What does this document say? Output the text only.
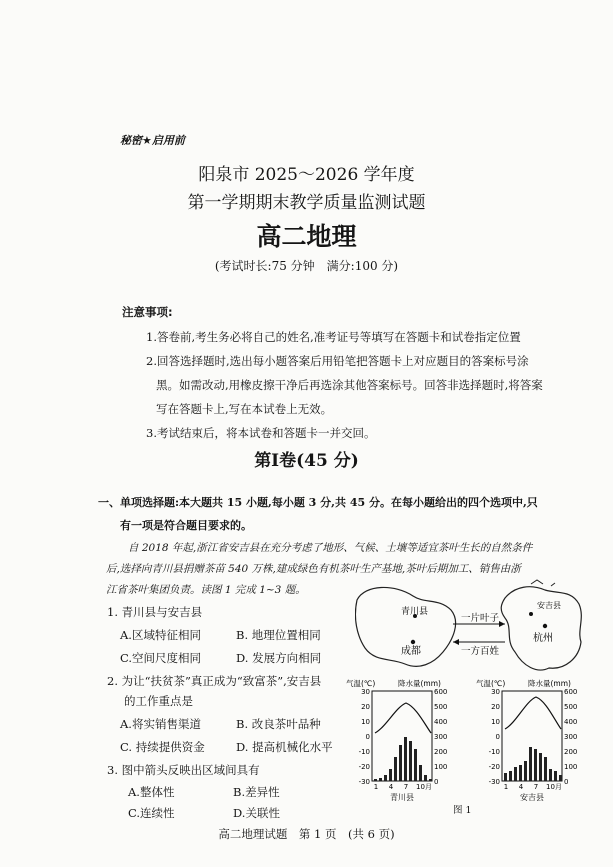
秘密★启用前
阳泉市 2025～2026 学年度
第一学期期末教学质量监测试题
高二地理
(考试时长:75 分钟　满分:100 分)
注意事项:
1.答卷前,考生务必将自己的姓名,准考证号等填写在答题卡和试卷指定位置
2.回答选择题时,选出每小题答案后用铅笔把答题卡上对应题目的答案标号涂
黑。如需改动,用橡皮擦干净后再选涂其他答案标号。回答非选择题时,将答案
写在答题卡上,写在本试卷上无效。
3.考试结束后，将本试卷和答题卡一并交回。
第Ⅰ卷(45 分)
一、单项选择题:本大题共 15 小题,每小题 3 分,共 45 分。在每小题给出的四个选项中,只
有一项是符合题目要求的。
自 2018 年起,浙江省安吉县在充分考虑了地形、气候、土壤等适宜茶叶生长的自然条件
后,选择向青川县捐赠茶苗 540 万株,建成绿色有机茶叶生产基地,茶叶后期加工、销售由浙
江省茶叶集团负责。读图 1 完成 1~3 题。
1. 青川县与安吉县
A.区域特征相同	B. 地理位置相同
C.空间尺度相同	D. 发展方向相同
2. 为让“扶贫茶”真正成为“致富茶”,安吉县
的工作重点是
A.将实销售渠道	B. 改良茶叶品种
C. 持续提供资金	D. 提高机械化水平
3. 图中箭头反映出区域间具有
A.整体性	B.差异性
C.连续性	D.关联性
青川县
成都
一片叶子
一方百姓
安吉县
杭州
气温(℃)	降水量(mm)
30
20
10
0
-10
-20
-30
600
500
400
300
200
100
0
1 4 7 10月
青川县
气温(℃)	降水量(mm)
30
20
10
0
-10
-20
-30
600
500
400
300
200
100
0
1 4 7 10月
安吉县
图 1
高二地理试题　第 1 页　(共 6 页)
